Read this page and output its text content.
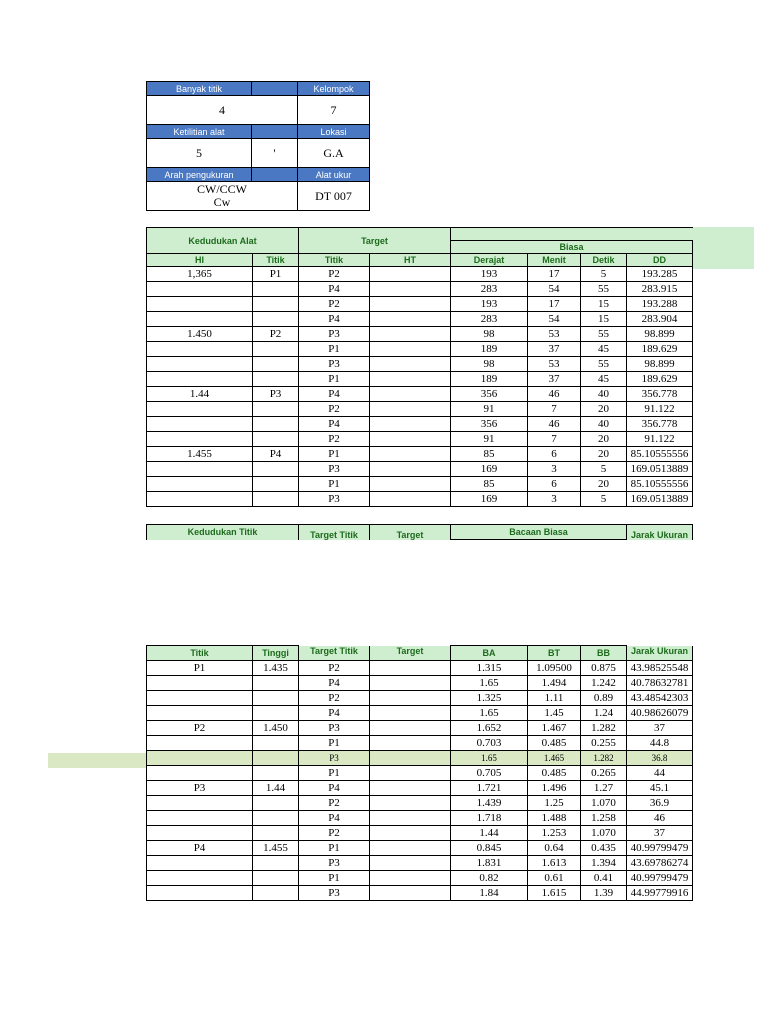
Banyak titik		Kelompok
4		7
Ketilitian alat		Lokasi
5	'	G.A
Arah pengukuran		Alat ukur

CW/CCW
Cw		DT 007
Kedudukan Alat		Target					
				Biasa			
HI	Titik	Titik	HT	Derajat	Menit	Detik	DD
1,365	P1	P2		193	17	5	193.285
		P4		283	54	55	283.915
		P2		193	17	15	193.288
		P4		283	54	15	283.904
1.450	P2	P3		98	53	55	98.899
		P1		189	37	45	189.629
		P3		98	53	55	98.899
		P1		189	37	45	189.629
1.44	P3	P4		356	46	40	356.778
		P2		91	7	20	91.122
		P4		356	46	40	356.778
		P2		91	7	20	91.122
1.455	P4	P1		85	6	20	85.10555556
		P3		169	3	5	169.0513889
		P1		85	6	20	85.10555556
		P3		169	3	5	169.0513889
Kedudukan Titik	Target Titik	Target	Bacaan Biasa	Jarak Ukuran
Titik	Tinggi	Target Titik	Target	BA	BT	BB	Jarak Ukuran
P1	1.435	P2		1.315	1.09500	0.875	43.98525548
		P4		1.65	1.494	1.242	40.78632781
		P2		1.325	1.11	0.89	43.48542303
		P4		1.65	1.45	1.24	40.98626079
P2	1.450	P3		1.652	1.467	1.282	37
		P1		0.703	0.485	0.255	44.8
		P3		1.65	1.465	1.282	36.8
		P1		0.705	0.485	0.265	44
P3	1.44	P4		1.721	1.496	1.27	45.1
		P2		1.439	1.25	1.070	36.9
		P4		1.718	1.488	1.258	46
		P2		1.44	1.253	1.070	37
P4	1.455	P1		0.845	0.64	0.435	40.99799479
		P3		1.831	1.613	1.394	43.69786274
		P1		0.82	0.61	0.41	40.99799479
		P3		1.84	1.615	1.39	44.99779916
